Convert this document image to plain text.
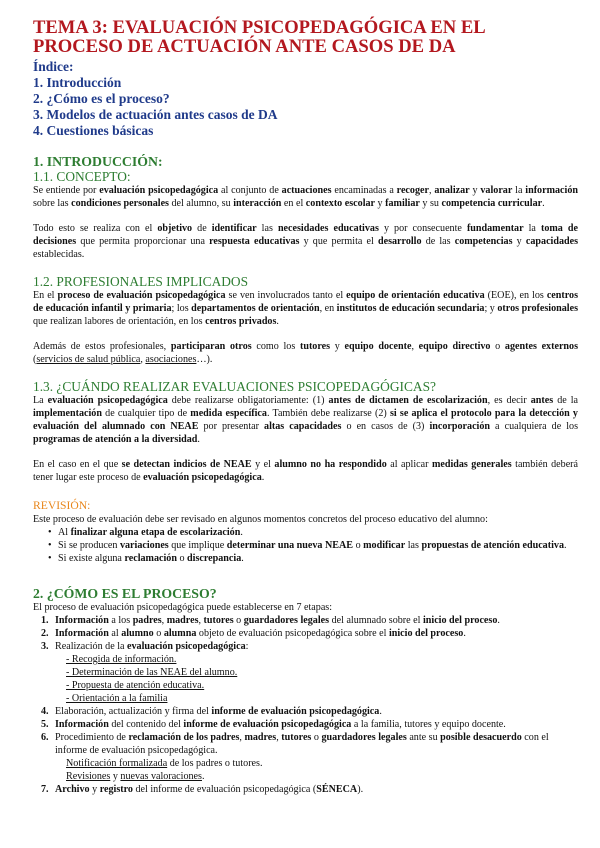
TEMA 3: EVALUACIÓN PSICOPEDAGÓGICA EN EL PROCESO DE ACTUACIÓN ANTE CASOS DE DA
Índice:
1. Introducción
2. ¿Cómo es el proceso?
3. Modelos de actuación antes casos de DA
4. Cuestiones básicas
1. INTRODUCCIÓN:
1.1. CONCEPTO:

Se entiende por evaluación psicopedagógica al conjunto de actuaciones encaminadas a recoger, analizar y valorar la información sobre las condiciones personales del alumno, su interacción en el contexto escolar y familiar y su competencia curricular.

Todo esto se realiza con el objetivo de identificar las necesidades educativas y por consecuente fundamentar la toma de decisiones que permita proporcionar una respuesta educativas y que permita el desarrollo de las competencias y capacidades establecidas.

1.2. PROFESIONALES IMPLICADOS

En el proceso de evaluación psicopedagógica se ven involucrados tanto el equipo de orientación educativa (EOE), en los centros de educación infantil y primaria; los departamentos de orientación, en institutos de educación secundaria; y otros profesionales que realizan labores de orientación, en los centros privados.

Además de estos profesionales, participaran otros como los tutores y equipo docente, equipo directivo o agentes externos (servicios de salud pública, asociaciones…).

1.3. ¿CUÁNDO REALIZAR EVALUACIONES PSICOPEDAGÓGICAS?

La evaluación psicopedagógica debe realizarse obligatoriamente: (1) antes de dictamen de escolarización, es decir antes de la implementación de cualquier tipo de medida específica. También debe realizarse (2) si se aplica el protocolo para la detección y evaluación del alumnado con NEAE por presentar altas capacidades o en casos de (3) incorporación a cualquiera de los programas de atención a la diversidad.

En el caso en el que se detectan indicios de NEAE y el alumno no ha respondido al aplicar medidas generales también deberá tener lugar este proceso de evaluación psicopedagógica.

REVISIÓN:

Este proceso de evaluación debe ser revisado en algunos momentos concretos del proceso educativo del alumno:

• Al finalizar alguna etapa de escolarización.
• Si se producen variaciones que implique determinar una nueva NEAE o modificar las propuestas de atención educativa.
• Si existe alguna reclamación o discrepancia.
2. ¿CÓMO ES EL PROCESO?

El proceso de evaluación psicopedagógica puede establecerse en 7 etapas:

1. Información a los padres, madres, tutores o guardadores legales del alumnado sobre el inicio del proceso.
2. Información al alumno o alumna objeto de evaluación psicopedagógica sobre el inicio del proceso.
3. Realización de la evaluación psicopedagógica:
- Recogida de información.
- Determinación de las NEAE del alumno.
- Propuesta de atención educativa.
- Orientación a la familia
4. Elaboración, actualización y firma del informe de evaluación psicopedagógica.
5. Información del contenido del informe de evaluación psicopedagógica a la familia, tutores y equipo docente.
6. Procedimiento de reclamación de los padres, madres, tutores o guardadores legales ante su posible desacuerdo con el informe de evaluación psicopedagógica.
Notificación formalizada de los padres o tutores.
Revisiones y nuevas valoraciones.
7. Archivo y registro del informe de evaluación psicopedagógica (SÉNECA).
